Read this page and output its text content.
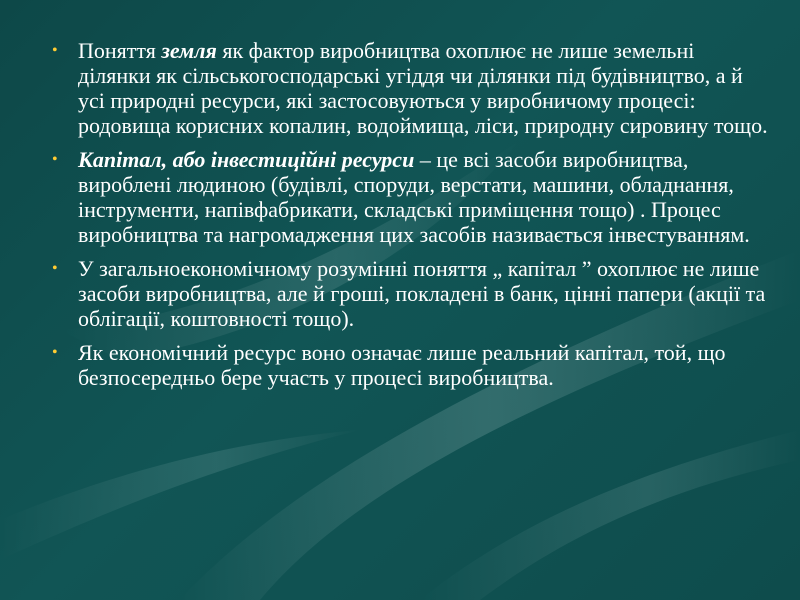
• Поняття земля як фактор виробництва охоплює не лише земельні ділянки як сільськогосподарські угіддя чи ділянки під будівництво, а й усі природні ресурси, які застосовуються у виробничому процесі: родовища корисних копалин, водоймища, ліси, природну сировину тощо.
• Капітал, або інвестиційні ресурси – це всі засоби виробництва, вироблені людиною (будівлі, споруди, верстати, машини, обладнання, інструменти, напівфабрикати, складські приміщення тощо) . Процес виробництва та нагромадження цих засобів називається інвестуванням.
• У загальноекономічному розумінні поняття „ капітал ” охоплює не лише засоби виробництва, але й гроші, покладені в банк, цінні папери (акції та облігації, коштовності тощо).
• Як економічний ресурс воно означає лише реальний капітал, той, що безпосередньо бере участь у процесі виробництва.
